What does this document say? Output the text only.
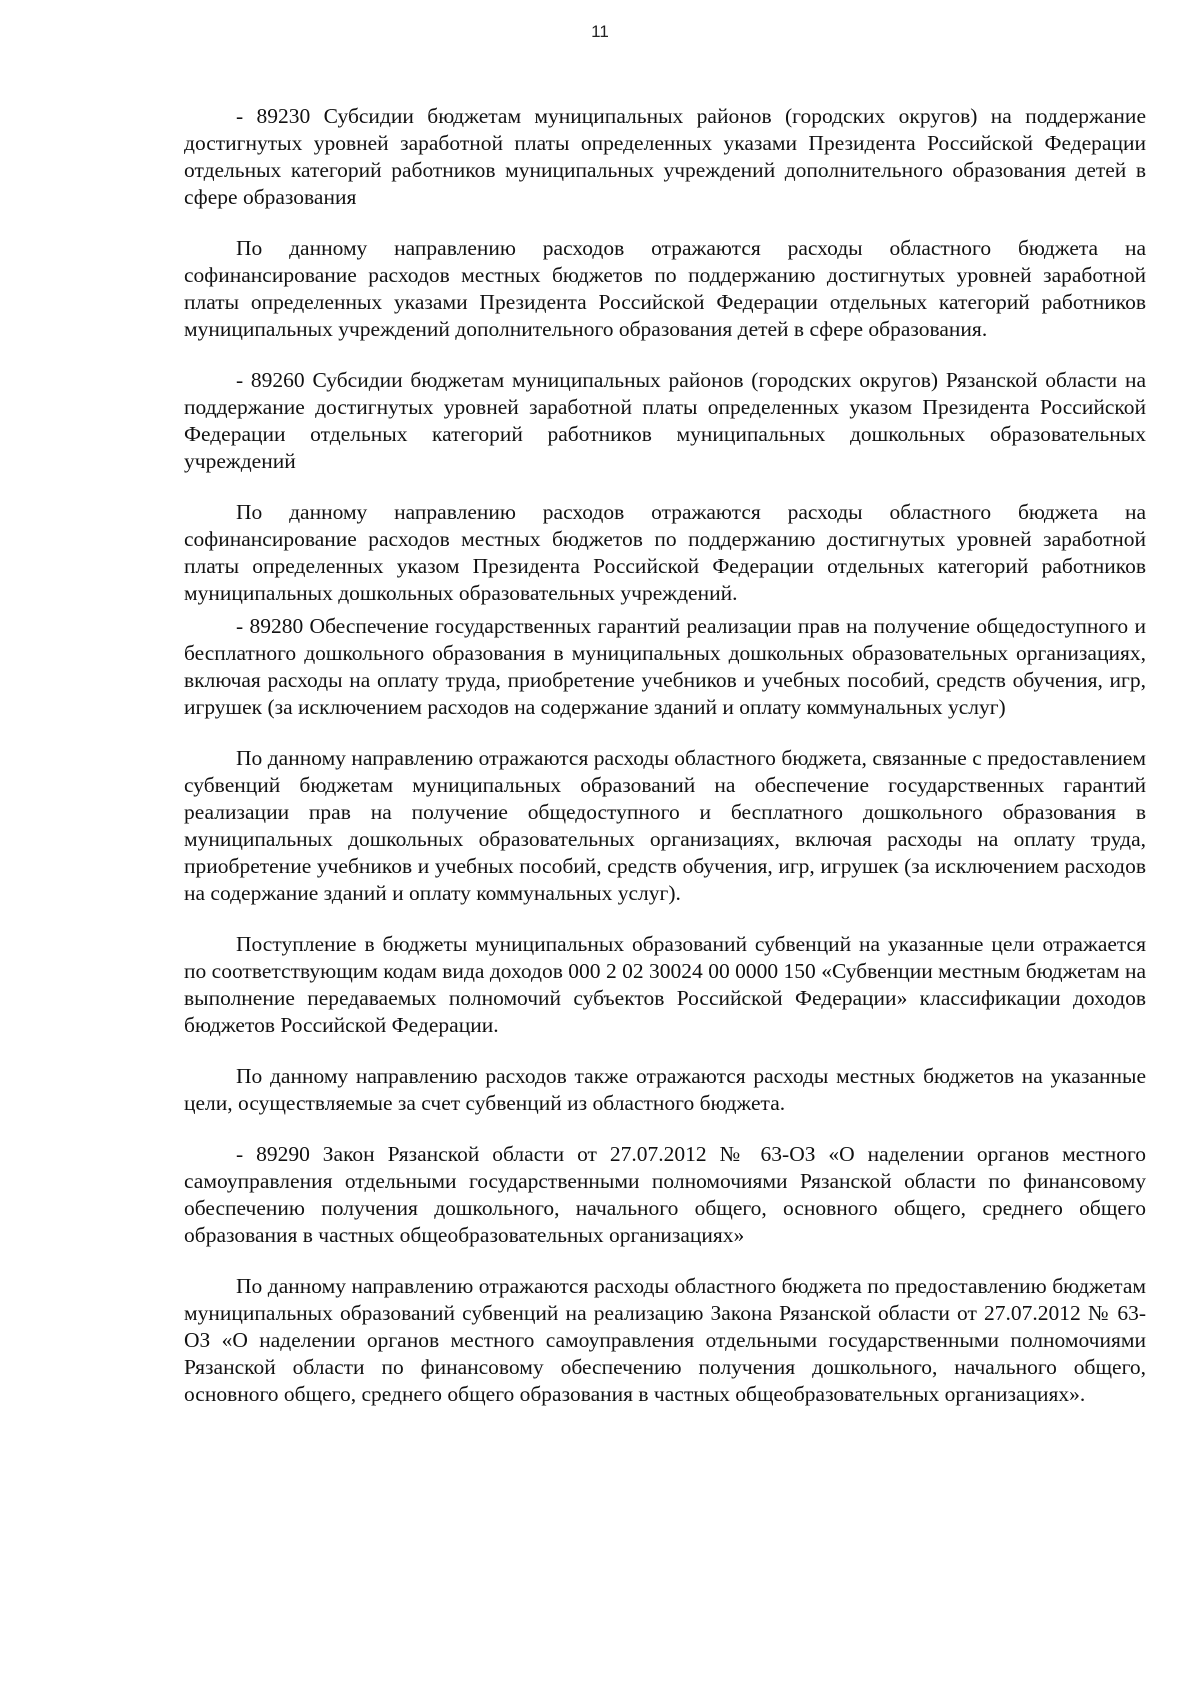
11

- 89230 Субсидии бюджетам муниципальных районов (городских округов) на поддержание достигнутых уровней заработной платы определенных указами Президента Российской Федерации отдельных категорий работников муниципальных учреждений дополнительного образования детей в сфере образования

По данному направлению расходов отражаются расходы областного бюджета на софинансирование расходов местных бюджетов по поддержанию достигнутых уровней заработной платы определенных указами Президента Российской Федерации отдельных категорий работников муниципальных учреждений дополнительного образования детей в сфере образования.

- 89260 Субсидии бюджетам муниципальных районов (городских округов) Рязанской области на поддержание достигнутых уровней заработной платы определенных указом Президента Российской Федерации отдельных категорий работников муниципальных дошкольных образовательных учреждений

По данному направлению расходов отражаются расходы областного бюджета на софинансирование расходов местных бюджетов по поддержанию достигнутых уровней заработной платы определенных указом Президента Российской Федерации отдельных категорий работников муниципальных дошкольных образовательных учреждений.

- 89280 Обеспечение государственных гарантий реализации прав на получение общедоступного и бесплатного дошкольного образования в муниципальных дошкольных образовательных организациях, включая расходы на оплату труда, приобретение учебников и учебных пособий, средств обучения, игр, игрушек (за исключением расходов на содержание зданий и оплату коммунальных услуг)

По данному направлению отражаются расходы областного бюджета, связанные с предоставлением субвенций бюджетам муниципальных образований на обеспечение государственных гарантий реализации прав на получение общедоступного и бесплатного дошкольного образования в муниципальных дошкольных образовательных организациях, включая расходы на оплату труда, приобретение учебников и учебных пособий, средств обучения, игр, игрушек (за исключением расходов на содержание зданий и оплату коммунальных услуг).

Поступление в бюджеты муниципальных образований субвенций на указанные цели отражается по соответствующим кодам вида доходов 000 2 02 30024 00 0000 150 «Субвенции местным бюджетам на выполнение передаваемых полномочий субъектов Российской Федерации» классификации доходов бюджетов Российской Федерации.

По данному направлению расходов также отражаются расходы местных бюджетов на указанные цели, осуществляемые за счет субвенций из областного бюджета.

- 89290 Закон Рязанской области от 27.07.2012 № 63-ОЗ «О наделении органов местного самоуправления отдельными государственными полномочиями Рязанской области по финансовому обеспечению получения дошкольного, начального общего, основного общего, среднего общего образования в частных общеобразовательных организациях»

По данному направлению отражаются расходы областного бюджета по предоставлению бюджетам муниципальных образований субвенций на реализацию Закона Рязанской области от 27.07.2012 № 63-ОЗ «О наделении органов местного самоуправления отдельными государственными полномочиями Рязанской области по финансовому обеспечению получения дошкольного, начального общего, основного общего, среднего общего образования в частных общеобразовательных организациях».
